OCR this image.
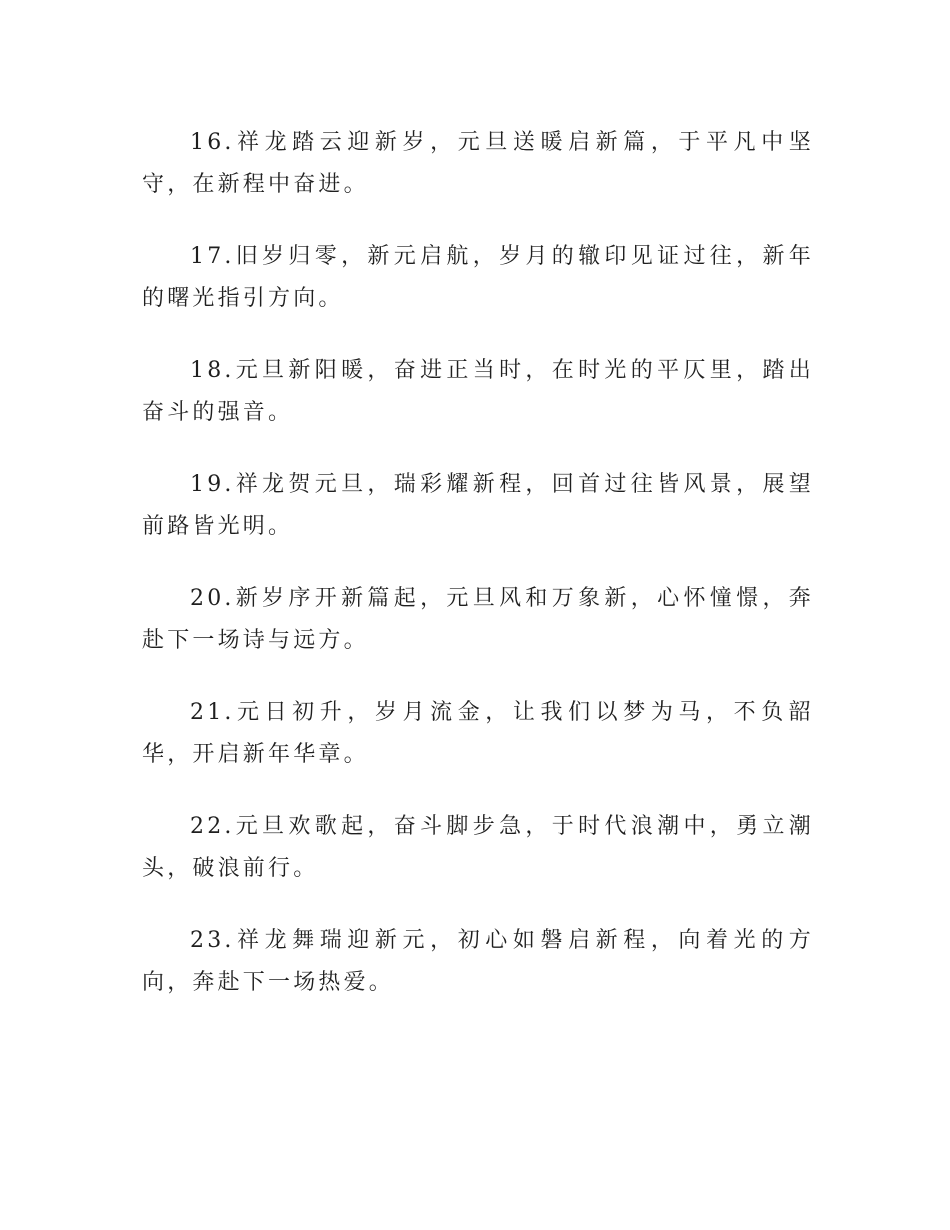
16.祥龙踏云迎新岁，元旦送暖启新篇，于平凡中坚守，在新程中奋进。

17.旧岁归零，新元启航，岁月的辙印见证过往，新年的曙光指引方向。

18.元旦新阳暖，奋进正当时，在时光的平仄里，踏出奋斗的强音。

19.祥龙贺元旦，瑞彩耀新程，回首过往皆风景，展望前路皆光明。

20.新岁序开新篇起，元旦风和万象新，心怀憧憬，奔赴下一场诗与远方。

21.元日初升，岁月流金，让我们以梦为马，不负韶华，开启新年华章。

22.元旦欢歌起，奋斗脚步急，于时代浪潮中，勇立潮头，破浪前行。

23.祥龙舞瑞迎新元，初心如磐启新程，向着光的方向，奔赴下一场热爱。
